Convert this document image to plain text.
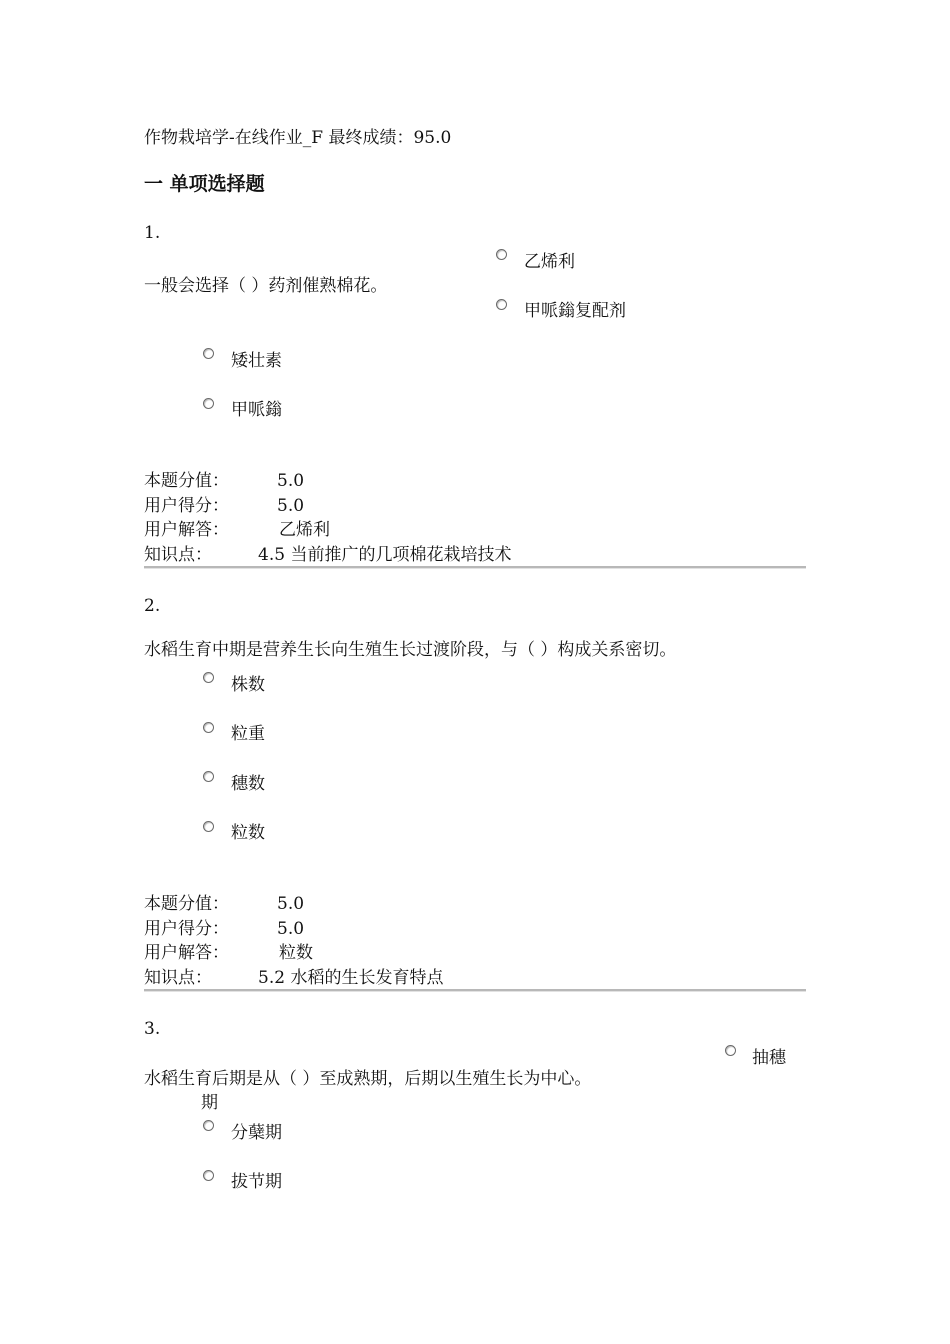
作物栽培学-在线作业_F 最终成绩：95.0
一 单项选择题
1.
一般会选择（ ）药剂催熟棉花。
乙烯利
甲哌鎓复配剂
矮壮素
甲哌鎓
本题分值：	5.0
用户得分：	5.0
用户解答：	乙烯利
知识点：	4.5 当前推广的几项棉花栽培技术
2.
水稻生育中期是营养生长向生殖生长过渡阶段，与（ ）构成关系密切。
株数
粒重
穗数
粒数
本题分值：	5.0
用户得分：	5.0
用户解答：	粒数
知识点：	5.2 水稻的生长发育特点
3.
水稻生育后期是从（ ）至成熟期，后期以生殖生长为中心。
抽穗
分蘖期
拔节期
期
